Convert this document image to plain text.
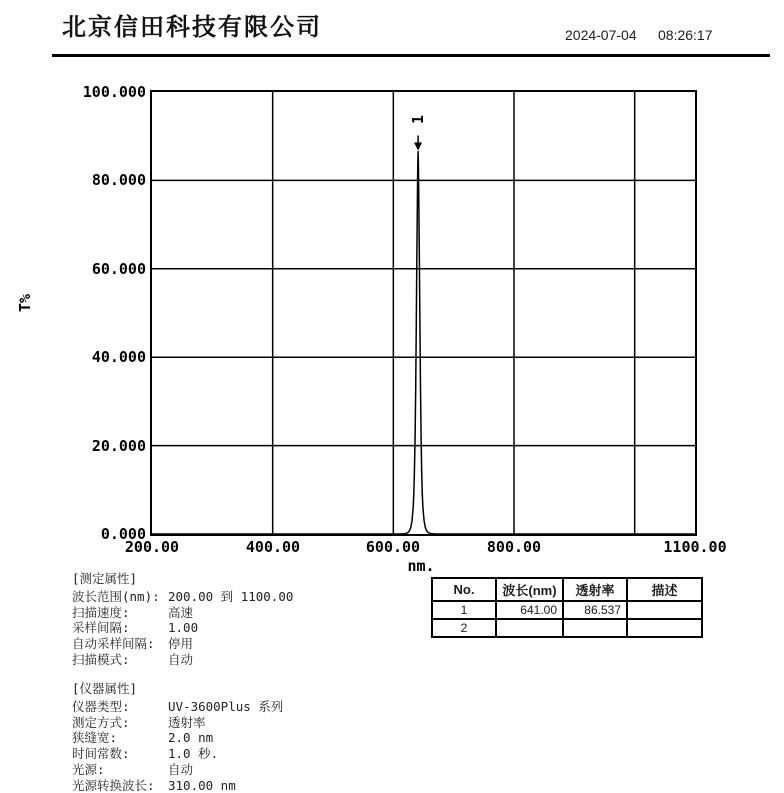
北京信田科技有限公司	2024-07-04 08:26:17
100.000
80.000
60.000
40.000
20.000
0.000
T%
nm.
1
200.00	400.00	600.00	800.00	1100.00
No.	波长(nm)	透射率	描述
1	641.00	86.537	
2			
[测定属性]
波长范围(nm): 200.00 到 1100.00
扫描速度:	高速
采样间隔:	1.00
自动采样间隔:	停用
扫描模式:	自动
[仪器属性]
仪器类型:	UV-3600Plus 系列
测定方式:	透射率
狭缝宽:	2.0 nm
时间常数:	1.0 秒.
光源:	自动
光源转换波长:	310.00 nm
